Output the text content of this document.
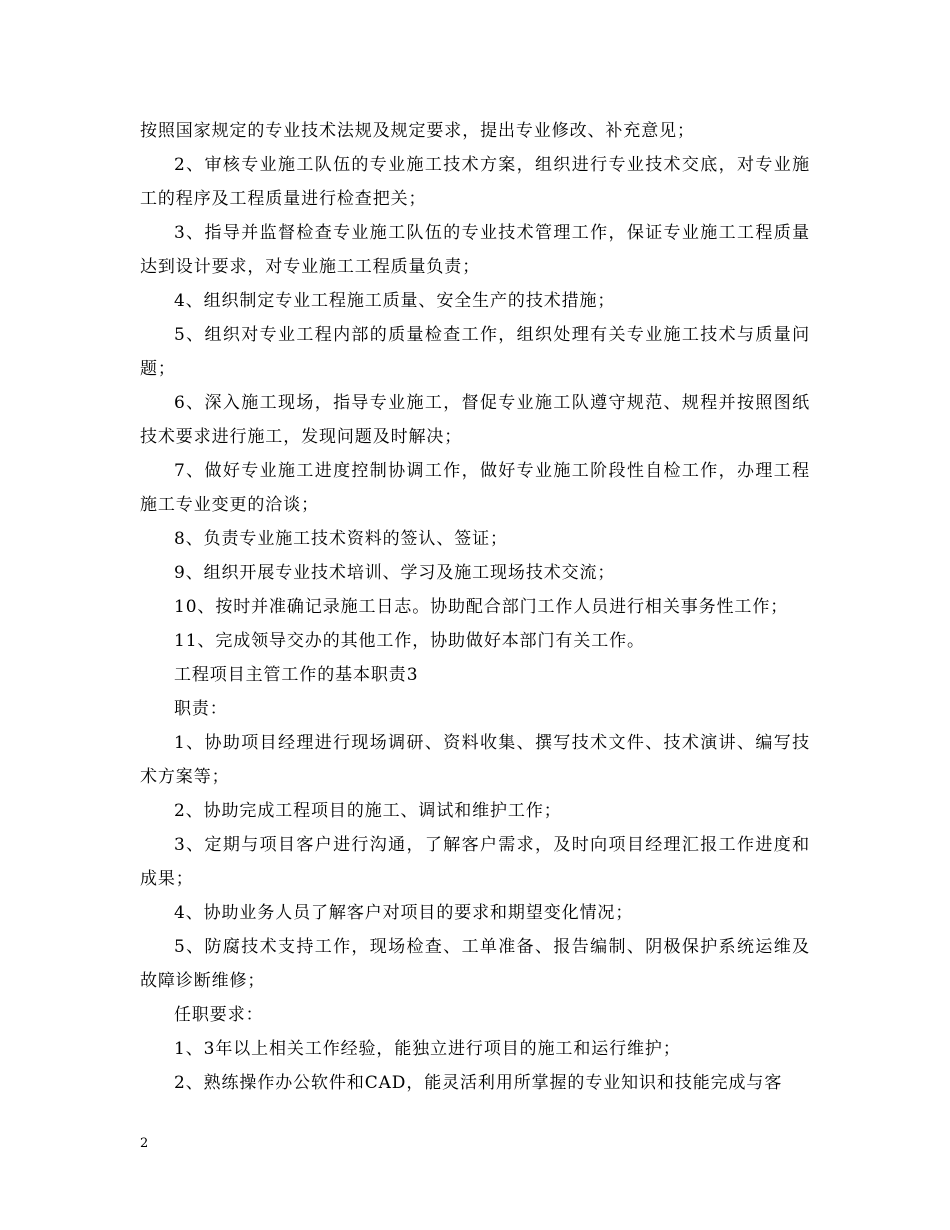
按照国家规定的专业技术法规及规定要求，提出专业修改、补充意见；

2、审核专业施工队伍的专业施工技术方案，组织进行专业技术交底，对专业施工的程序及工程质量进行检查把关；

3、指导并监督检查专业施工队伍的专业技术管理工作，保证专业施工工程质量达到设计要求，对专业施工工程质量负责；

4、组织制定专业工程施工质量、安全生产的技术措施；

5、组织对专业工程内部的质量检查工作，组织处理有关专业施工技术与质量问题；

6、深入施工现场，指导专业施工，督促专业施工队遵守规范、规程并按照图纸技术要求进行施工，发现问题及时解决；

7、做好专业施工进度控制协调工作，做好专业施工阶段性自检工作，办理工程施工专业变更的洽谈；

8、负责专业施工技术资料的签认、签证；

9、组织开展专业技术培训、学习及施工现场技术交流；

10、按时并准确记录施工日志。协助配合部门工作人员进行相关事务性工作；

11、完成领导交办的其他工作，协助做好本部门有关工作。

工程项目主管工作的基本职责3

职责：

1、协助项目经理进行现场调研、资料收集、撰写技术文件、技术演讲、编写技术方案等；

2、协助完成工程项目的施工、调试和维护工作；

3、定期与项目客户进行沟通，了解客户需求，及时向项目经理汇报工作进度和成果；

4、协助业务人员了解客户对项目的要求和期望变化情况；

5、防腐技术支持工作，现场检查、工单准备、报告编制、阴极保护系统运维及故障诊断维修；

任职要求：

1、3年以上相关工作经验，能独立进行项目的施工和运行维护；

2、熟练操作办公软件和CAD，能灵活利用所掌握的专业知识和技能完成与客

2
